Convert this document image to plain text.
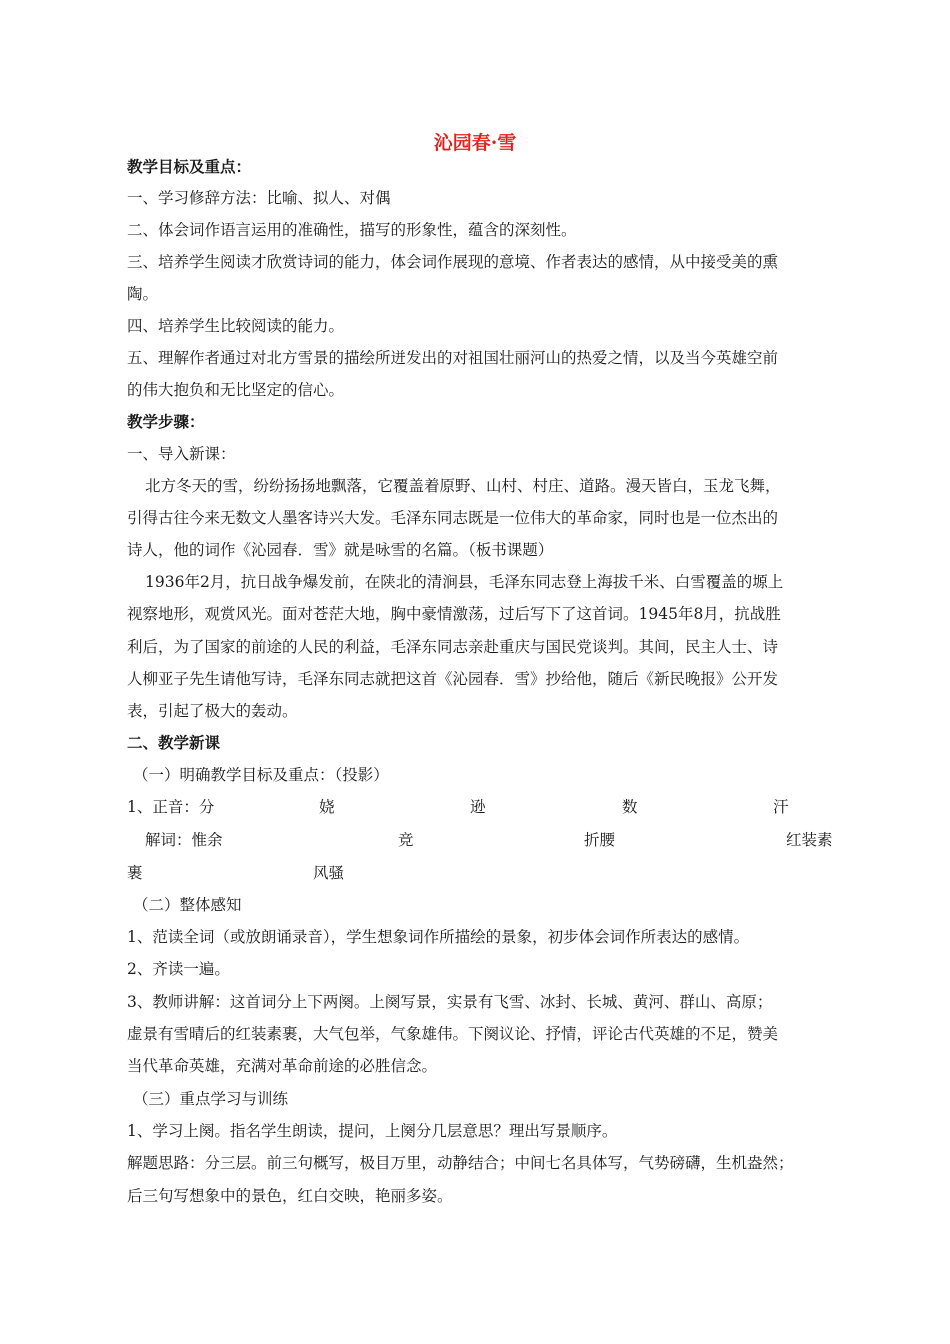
沁园春·雪
教学目标及重点：
一、学习修辞方法：比喻、拟人、对偶
二、体会词作语言运用的准确性，描写的形象性，蕴含的深刻性。
三、培养学生阅读才欣赏诗词的能力，体会词作展现的意境、作者表达的感情，从中接受美的熏
陶。
四、培养学生比较阅读的能力。
五、理解作者通过对北方雪景的描绘所迸发出的对祖国壮丽河山的热爱之情，以及当今英雄空前
的伟大抱负和无比坚定的信心。
教学步骤：
一、导入新课：
北方冬天的雪，纷纷扬扬地飘落，它覆盖着原野、山村、村庄、道路。漫天皆白，玉龙飞舞，
引得古往今来无数文人墨客诗兴大发。毛泽东同志既是一位伟大的革命家，同时也是一位杰出的
诗人，他的词作《沁园春．雪》就是咏雪的名篇。（板书课题）
1936年2月，抗日战争爆发前，在陕北的清涧县，毛泽东同志登上海拔千米、白雪覆盖的塬上
视察地形，观赏风光。面对苍茫大地，胸中豪情激荡，过后写下了这首词。1945年8月，抗战胜
利后，为了国家的前途的人民的利益，毛泽东同志亲赴重庆与国民党谈判。其间，民主人士、诗
人柳亚子先生请他写诗，毛泽东同志就把这首《沁园春．雪》抄给他，随后《新民晚报》公开发
表，引起了极大的轰动。
二、教学新课
（一）明确教学目标及重点：（投影）
1、正音：分	娆	逊	数	汗
解词：惟余	竞	折腰	红装素
裹	风骚
（二）整体感知
1、范读全词（或放朗诵录音），学生想象词作所描绘的景象，初步体会词作所表达的感情。
2、齐读一遍。
3、教师讲解：这首词分上下两阕。上阕写景，实景有飞雪、冰封、长城、黄河、群山、高原；
虚景有雪晴后的红装素裹，大气包举，气象雄伟。下阕议论、抒情，评论古代英雄的不足，赞美
当代革命英雄，充满对革命前途的必胜信念。
（三）重点学习与训练
1、学习上阕。指名学生朗读，提问，上阕分几层意思？理出写景顺序。
解题思路：分三层。前三句概写，极目万里，动静结合；中间七名具体写，气势磅礴，生机盎然；
后三句写想象中的景色，红白交映，艳丽多姿。
